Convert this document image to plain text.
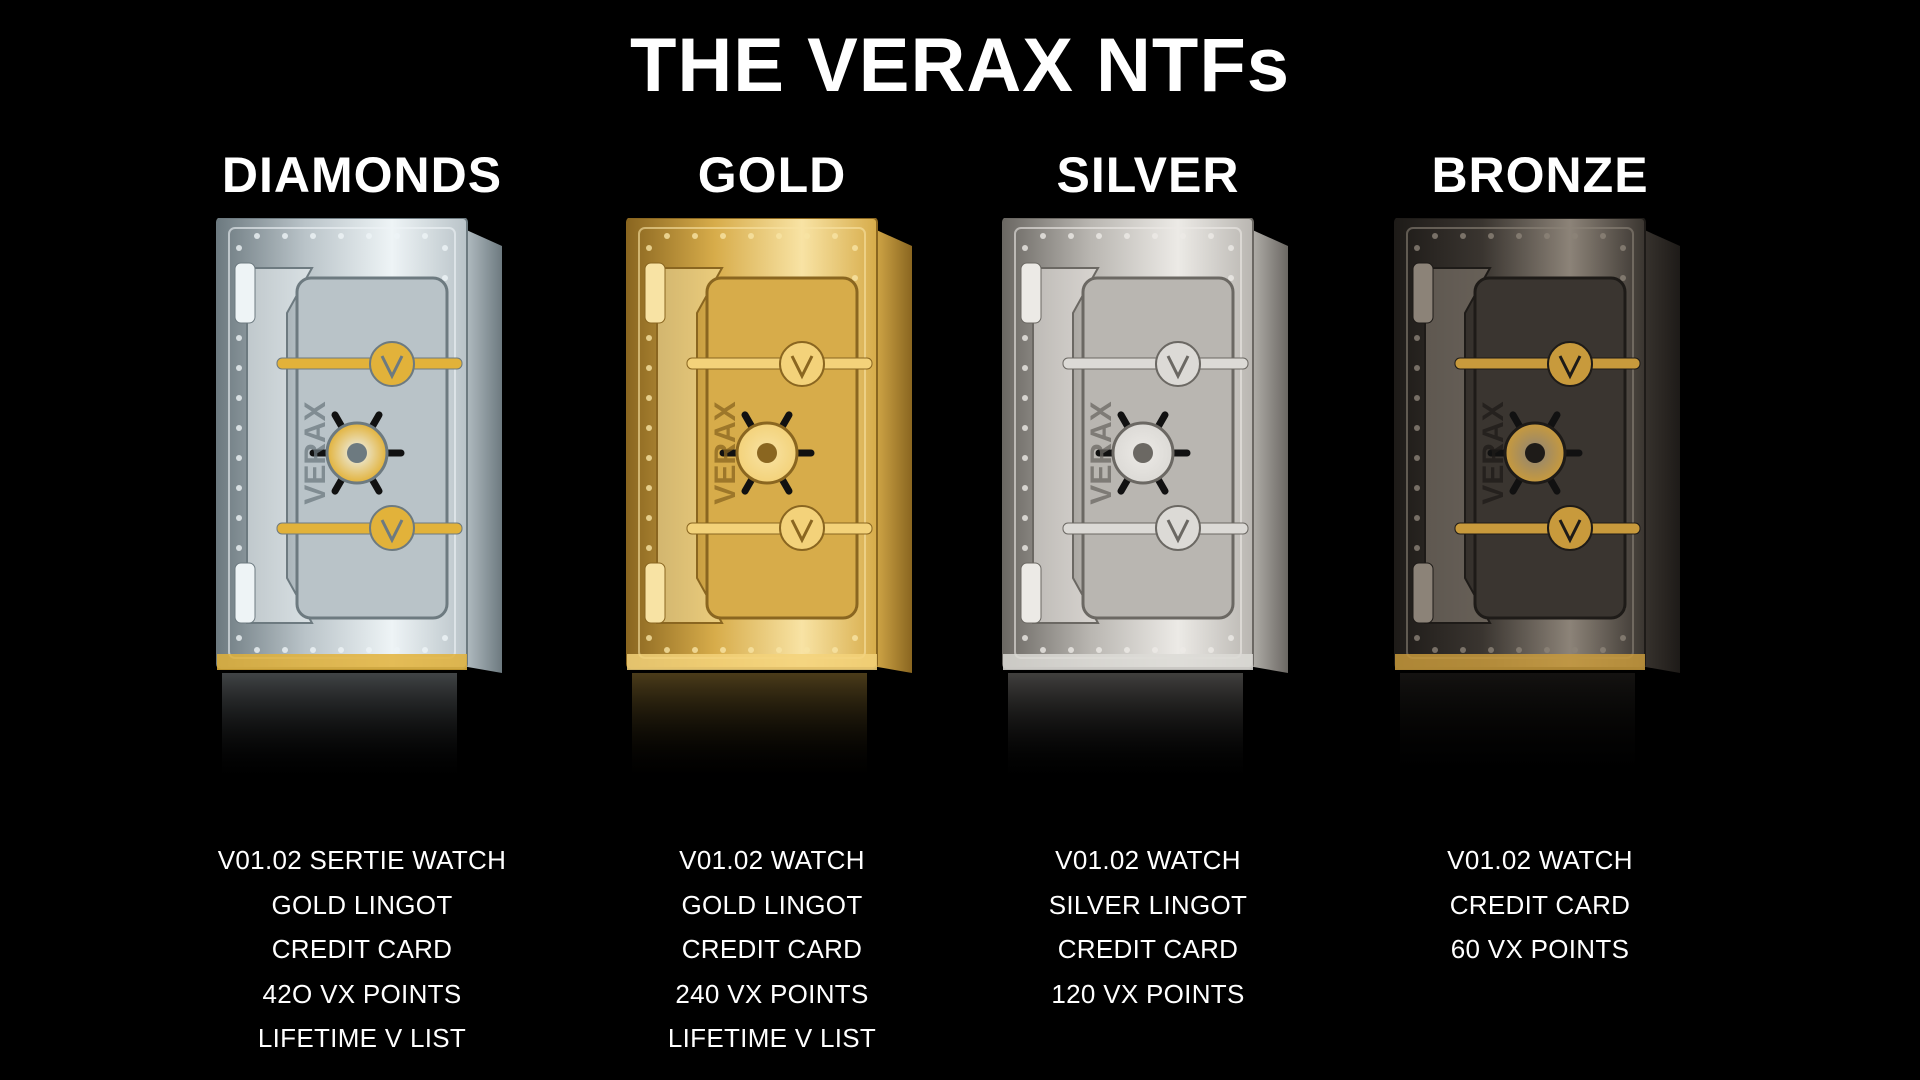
THE VERAX NTFs
DIAMONDS
VERAX
V01.02 SERTIE WATCH
GOLD LINGOT
CREDIT CARD
42O VX POINTS
LIFETIME V LIST
GOLD
VERAX
V01.02 WATCH
GOLD LINGOT
CREDIT CARD
240 VX POINTS
LIFETIME V LIST
SILVER
VERAX
V01.02 WATCH
SILVER LINGOT
CREDIT CARD
120 VX POINTS
BRONZE
VERAX
V01.02 WATCH
CREDIT CARD
60 VX POINTS
